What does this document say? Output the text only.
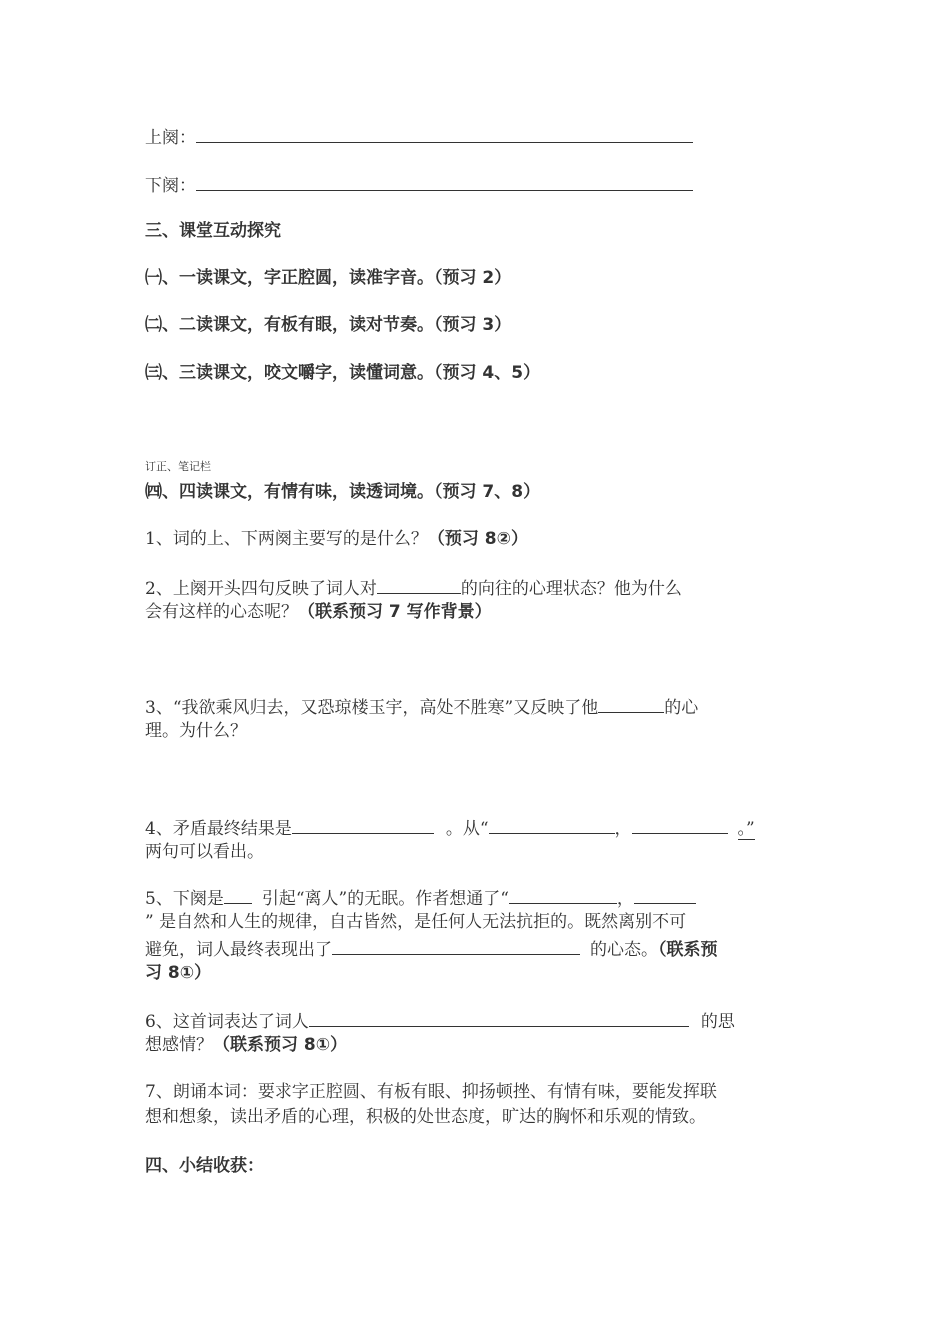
上阕：
下阕：
三、课堂互动探究
㈠、一读课文，字正腔圆，读准字音。（预习 2）
㈡、二读课文，有板有眼，读对节奏。（预习 3）
㈢、三读课文，咬文嚼字，读懂词意。（预习 4、5）
订正、笔记栏
㈣、四读课文，有情有味，读透词境。（预习 7、8）
1、词的上、下两阕主要写的是什么？（预习 8②）
2、上阕开头四句反映了词人对	的向往的心理状态？他为什么
会有这样的心态呢？（联系预习 7 写作背景）
3、“我欲乘风归去，又恐琼楼玉宇，高处不胜寒”又反映了他	的心
理。为什么？
4、矛盾最终结果是	。从“	，	。”
两句可以看出。
5、下阕是 引起“离人”的无眠。作者想通了“	，
” 是自然和人生的规律，自古皆然，是任何人无法抗拒的。既然离别不可
避免，词人最终表现出了	的心态。（联系预
习 8①）
6、这首词表达了词人	的思
想感情？（联系预习 8①）
7、朗诵本词：要求字正腔圆、有板有眼、抑扬顿挫、有情有味，要能发挥联
想和想象，读出矛盾的心理，积极的处世态度，旷达的胸怀和乐观的情致。
四、小结收获：
